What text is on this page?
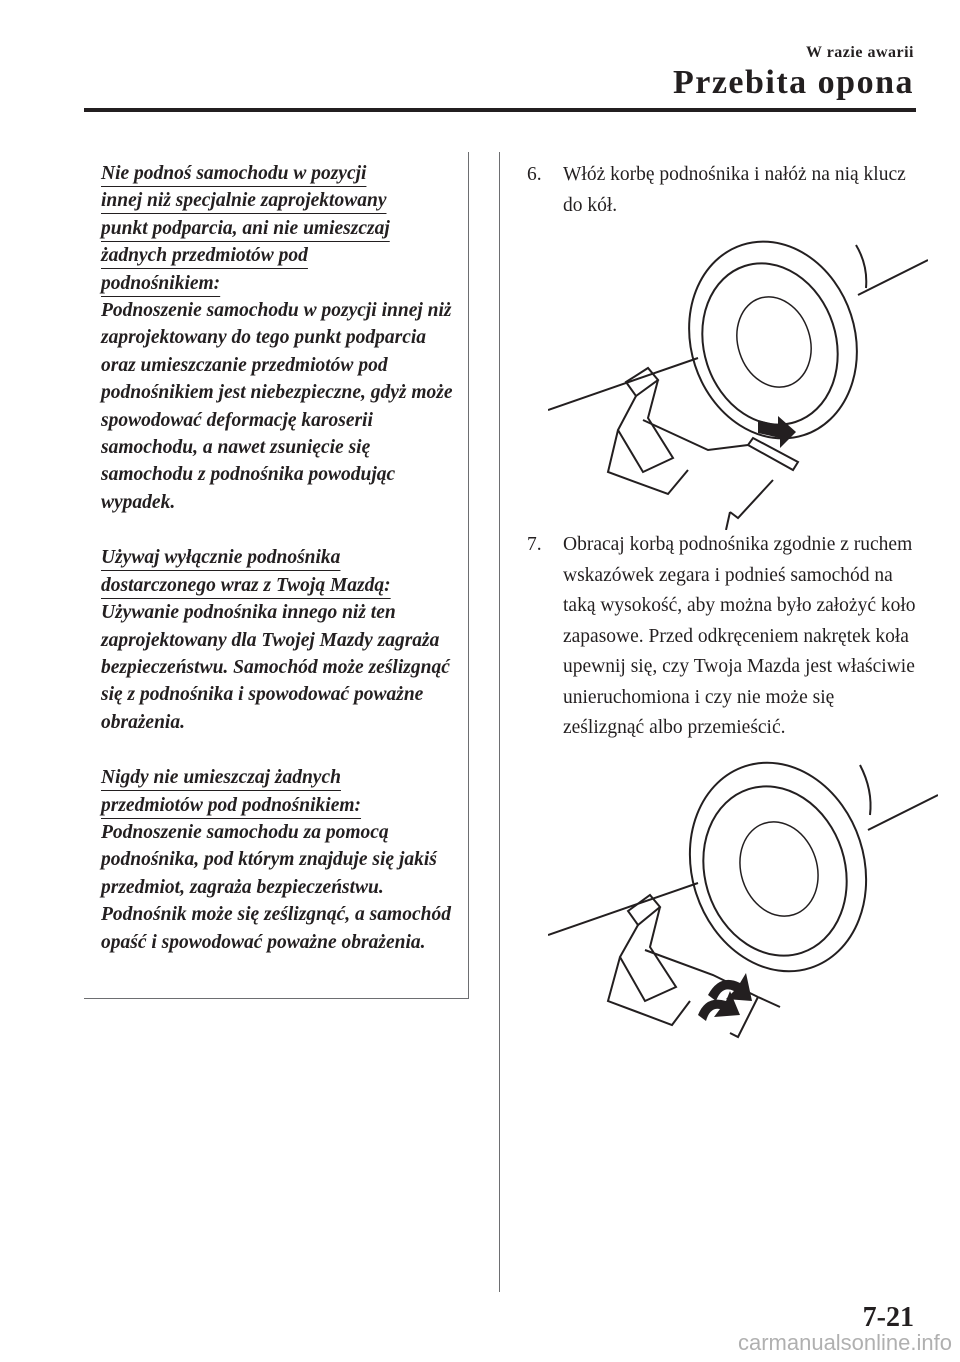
W razie awarii
Przebita opona
Nie podnoś samochodu w pozycji
innej niż specjalnie zaprojektowany
punkt podparcia, ani nie umieszczaj
żadnych przedmiotów pod
podnośnikiem:
Podnoszenie samochodu w pozycji innej niż zaprojektowany do tego punkt podparcia oraz umieszczanie przedmiotów pod podnośnikiem jest niebezpieczne, gdyż może spowodować deformację karoserii samochodu, a nawet zsunięcie się samochodu z podnośnika powodując wypadek.
Używaj wyłącznie podnośnika
dostarczonego wraz z Twoją Mazdą:
Używanie podnośnika innego niż ten zaprojektowany dla Twojej Mazdy zagraża bezpieczeństwu. Samochód może ześlizgnąć się z podnośnika i spowodować poważne obrażenia.
Nigdy nie umieszczaj żadnych
przedmiotów pod podnośnikiem:
Podnoszenie samochodu za pomocą podnośnika, pod którym znajduje się jakiś przedmiot, zagraża bezpieczeństwu. Podnośnik może się ześlizgnąć, a samochód opaść i spowodować poważne obrażenia.
6. Włóż korbę podnośnika i nałóż na nią klucz do kół.
7. Obracaj korbą podnośnika zgodnie z ruchem wskazówek zegara i podnieś samochód na taką wysokość, aby można było założyć koło zapasowe. Przed odkręceniem nakrętek koła upewnij się, czy Twoja Mazda jest właściwie unieruchomiona i czy nie może się ześlizgnąć albo przemieścić.
7-21
carmanualsonline.info
